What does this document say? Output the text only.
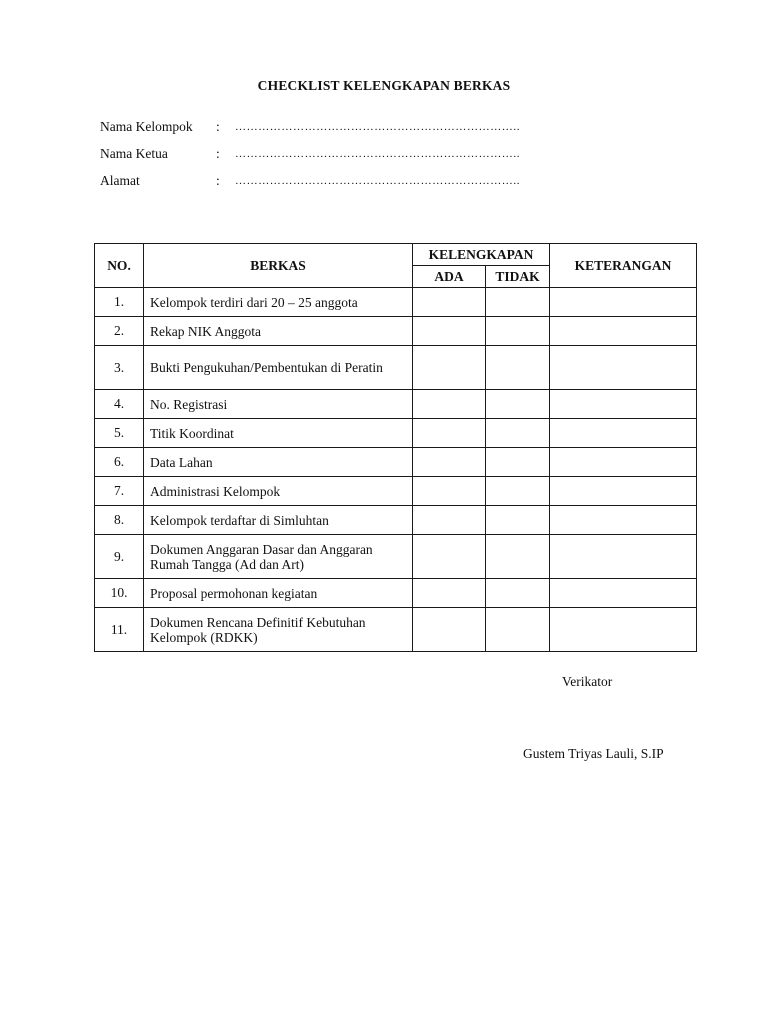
CHECKLIST KELENGKAPAN BERKAS
Nama Kelompok : ………………………………………………………………..
Nama Ketua	: ………………………………………………………………..
Alamat	: ………………………………………………………………..
NO.	BERKAS	KELENGKAPAN		KETERANGAN
		ADA	TIDAK	
1.	Kelompok terdiri dari 20 – 25 anggota			
2.	Rekap NIK Anggota			
3.	Bukti Pengukuhan/Pembentukan di Peratin			
4.	No. Registrasi			
5.	Titik Koordinat			
6.	Data Lahan			
7.	Administrasi Kelompok			
8.	Kelompok terdaftar di Simluhtan			
9.	Dokumen Anggaran Dasar dan Anggaran Rumah Tangga (Ad dan Art)			
10.	Proposal permohonan kegiatan			
11.	Dokumen Rencana Definitif Kebutuhan Kelompok (RDKK)			
Verikator
Gustem Triyas Lauli, S.IP
